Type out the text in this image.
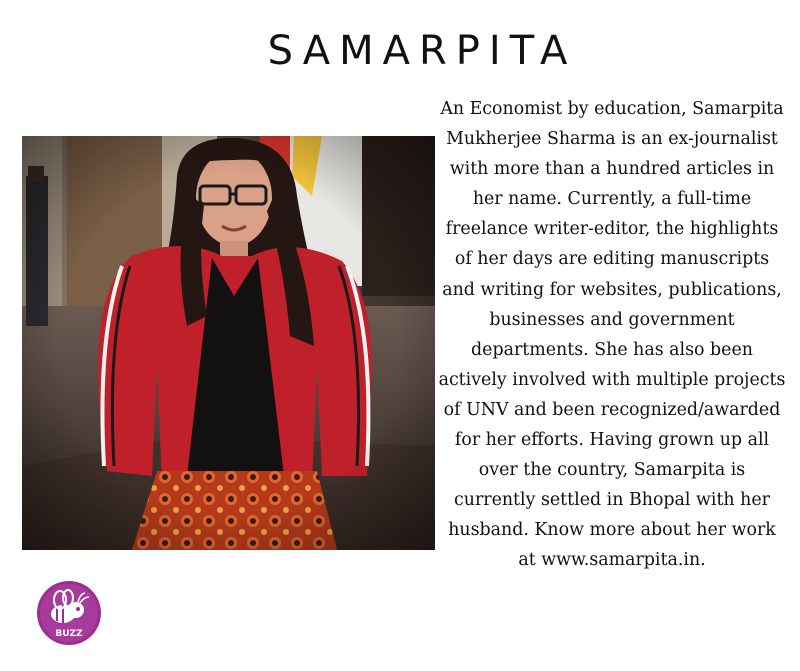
SAMARPITA

An Economist by education, Samarpita Mukherjee Sharma is an ex-journalist with more than a hundred articles in her name. Currently, a full-time freelance writer-editor, the highlights of her days are editing manuscripts and writing for websites, publications, businesses and government departments. She has also been actively involved with multiple projects of UNV and been recognized/awarded for her efforts. Having grown up all over the country, Samarpita is currently settled in Bhopal with her husband. Know more about her work at www.samarpita.in.

BUZZ
